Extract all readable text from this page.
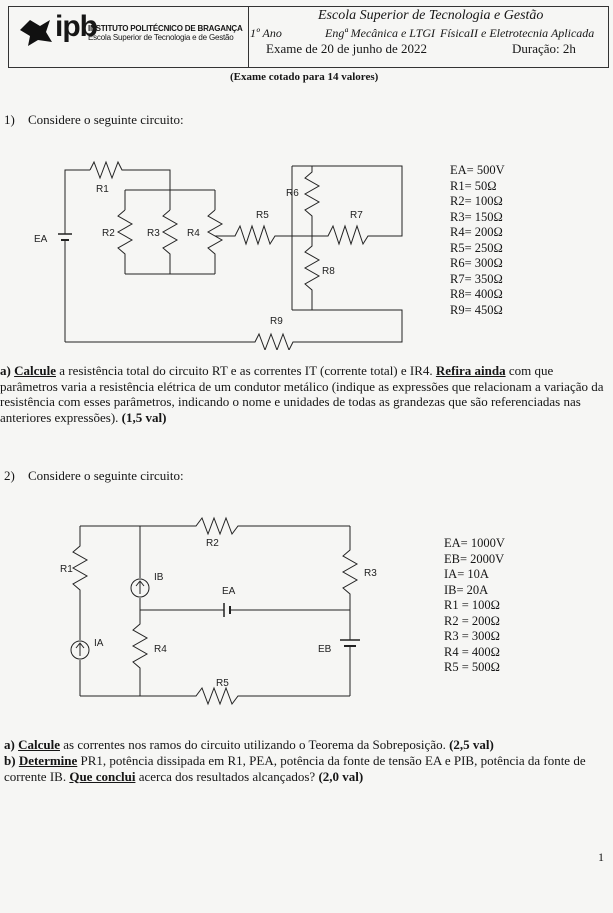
ipb
INSTITUTO POLITÉCNICO DE BRAGANÇA
Escola Superior de Tecnologia e de Gestão
Escola Superior de Tecnologia e Gestão
1º Ano	Engª Mecânica e LTGI FísicaII e Eletrotecnia Aplicada
Exame de 20 de junho de 2022	Duração: 2h
(Exame cotado para 14 valores)
1) Considere o seguinte circuito:
R1
EA
R2	R3	R4
R5
R6
R7
R8
R9
EA= 500V
R1= 50Ω
R2= 100Ω
R3= 150Ω
R4= 200Ω
R5= 250Ω
R6= 300Ω
R7= 350Ω
R8= 400Ω
R9= 450Ω
a) Calcule a resistência total do circuito RT e as correntes IT (corrente total) e IR4. Refira ainda com que parâmetros varia a resistência elétrica de um condutor metálico (indique as expressões que relacionam a variação da resistência com esses parâmetros, indicando o nome e unidades de todas as grandezas que são referenciadas nas anteriores expressões). (1,5 val)
2) Considere o seguinte circuito:
R2
R1	R3
IB
EA
IA
R4	EB
R5
EA= 1000V
EB= 2000V
IA= 10A
IB= 20A
R1 = 100Ω
R2 = 200Ω
R3 = 300Ω
R4 = 400Ω
R5 = 500Ω
a) Calcule as correntes nos ramos do circuito utilizando o Teorema da Sobreposição. (2,5 val)
b) Determine PR1, potência dissipada em R1, PEA, potência da fonte de tensão EA e PIB, potência da fonte de corrente IB. Que conclui acerca dos resultados alcançados? (2,0 val)
1
